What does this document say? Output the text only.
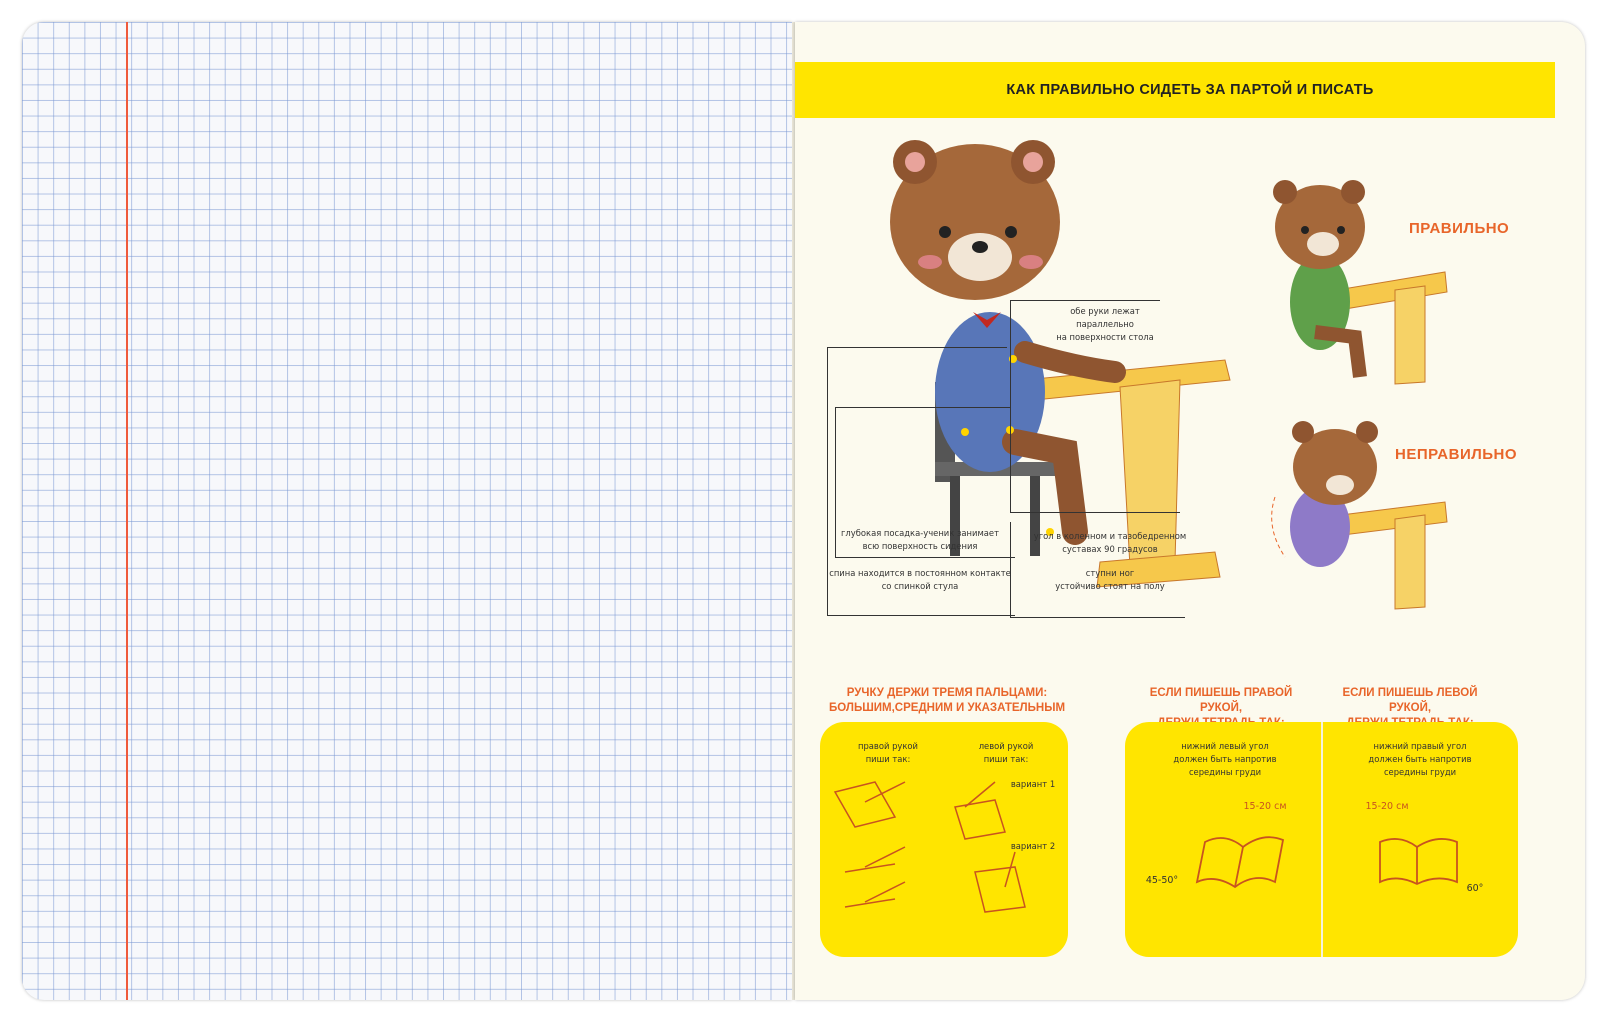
КАК ПРАВИЛЬНО СИДЕТЬ ЗА ПАРТОЙ И ПИСАТЬ
обе руки лежат
параллельно
на поверхности стола
глубокая посадка-ученик занимает
всю поверхность сидения
спина находится в постоянном контакте
со спинкой стула
угол в коленном и тазобедренном
суставах 90 градусов
ступни ног
устойчиво стоят на полу
ПРАВИЛЬНО
НЕПРАВИЛЬНО
РУЧКУ ДЕРЖИ ТРЕМЯ ПАЛЬЦАМИ:
БОЛЬШИМ,СРЕДНИМ И УКАЗАТЕЛЬНЫМ
ЕСЛИ ПИШЕШЬ ПРАВОЙ РУКОЙ,

ЕСЛИ ПИШЕШЬ ЛЕВОЙ РУКОЙ,

правой рукой
пиши так:
левой рукой
пиши так:
вариант 1
вариант 2
нижний левый угол
должен быть напротив
середины груди
нижний правый угол
должен быть напротив
середины груди
15-20 см	15-20 см
45-50°
60°
